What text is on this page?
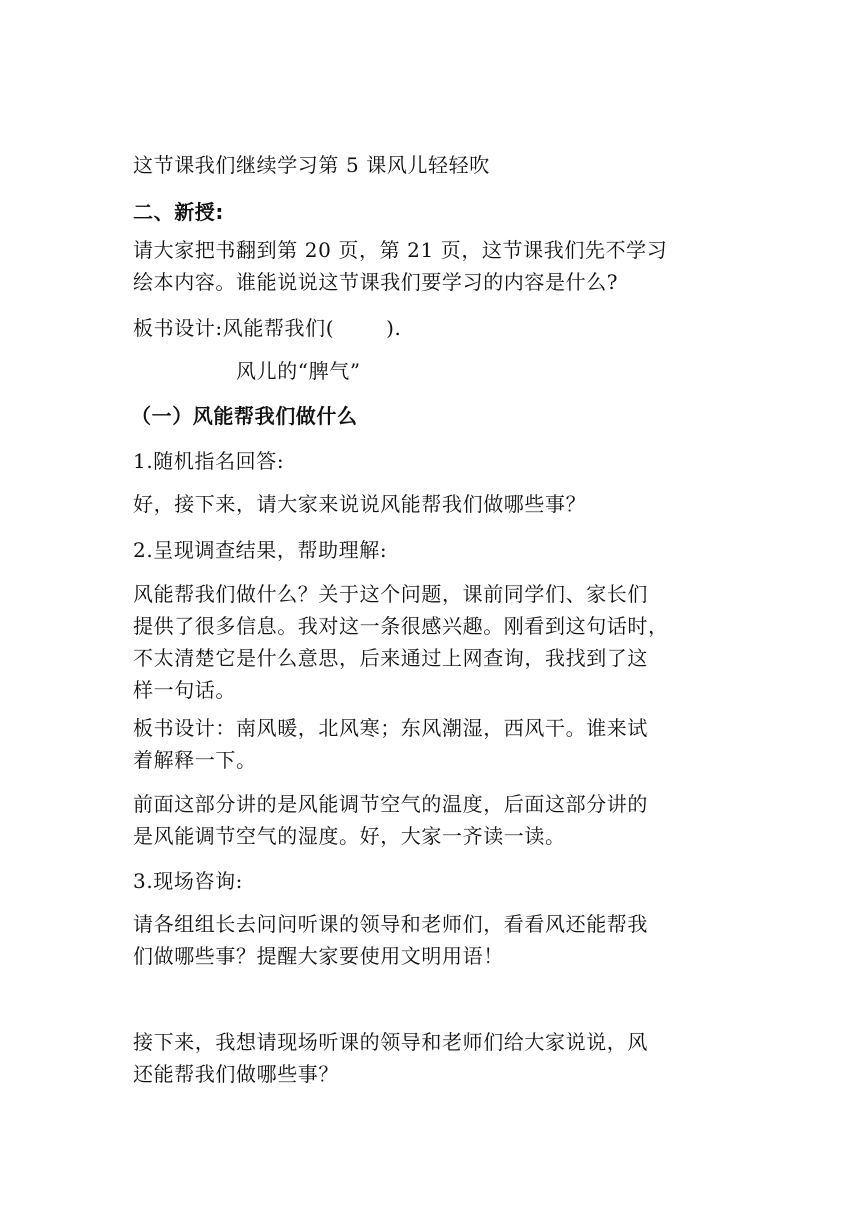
这节课我们继续学习第 5 课风儿轻轻吹
二、新授:
请大家把书翻到第 20 页，第 21 页，这节课我们先不学习
绘本内容。谁能说说这节课我们要学习的内容是什么?
板书设计:风能帮我们(	).
风儿的“脾气”
（一）风能帮我们做什么
1.随机指名回答:
好，接下来，请大家来说说风能帮我们做哪些事？
2.呈现调查结果，帮助理解:
风能帮我们做什么？关于这个问题，课前同学们、家长们
提供了很多信息。我对这一条很感兴趣。刚看到这句话时，
不太清楚它是什么意思，后来通过上网查询，我找到了这
样一句话。
板书设计：南风暖，北风寒；东风潮湿，西风干。谁来试
着解释一下。
前面这部分讲的是风能调节空气的温度，后面这部分讲的
是风能调节空气的湿度。好，大家一齐读一读。
3.现场咨询:
请各组组长去问问听课的领导和老师们，看看风还能帮我
们做哪些事？提醒大家要使用文明用语！
接下来，我想请现场听课的领导和老师们给大家说说，风
还能帮我们做哪些事？
